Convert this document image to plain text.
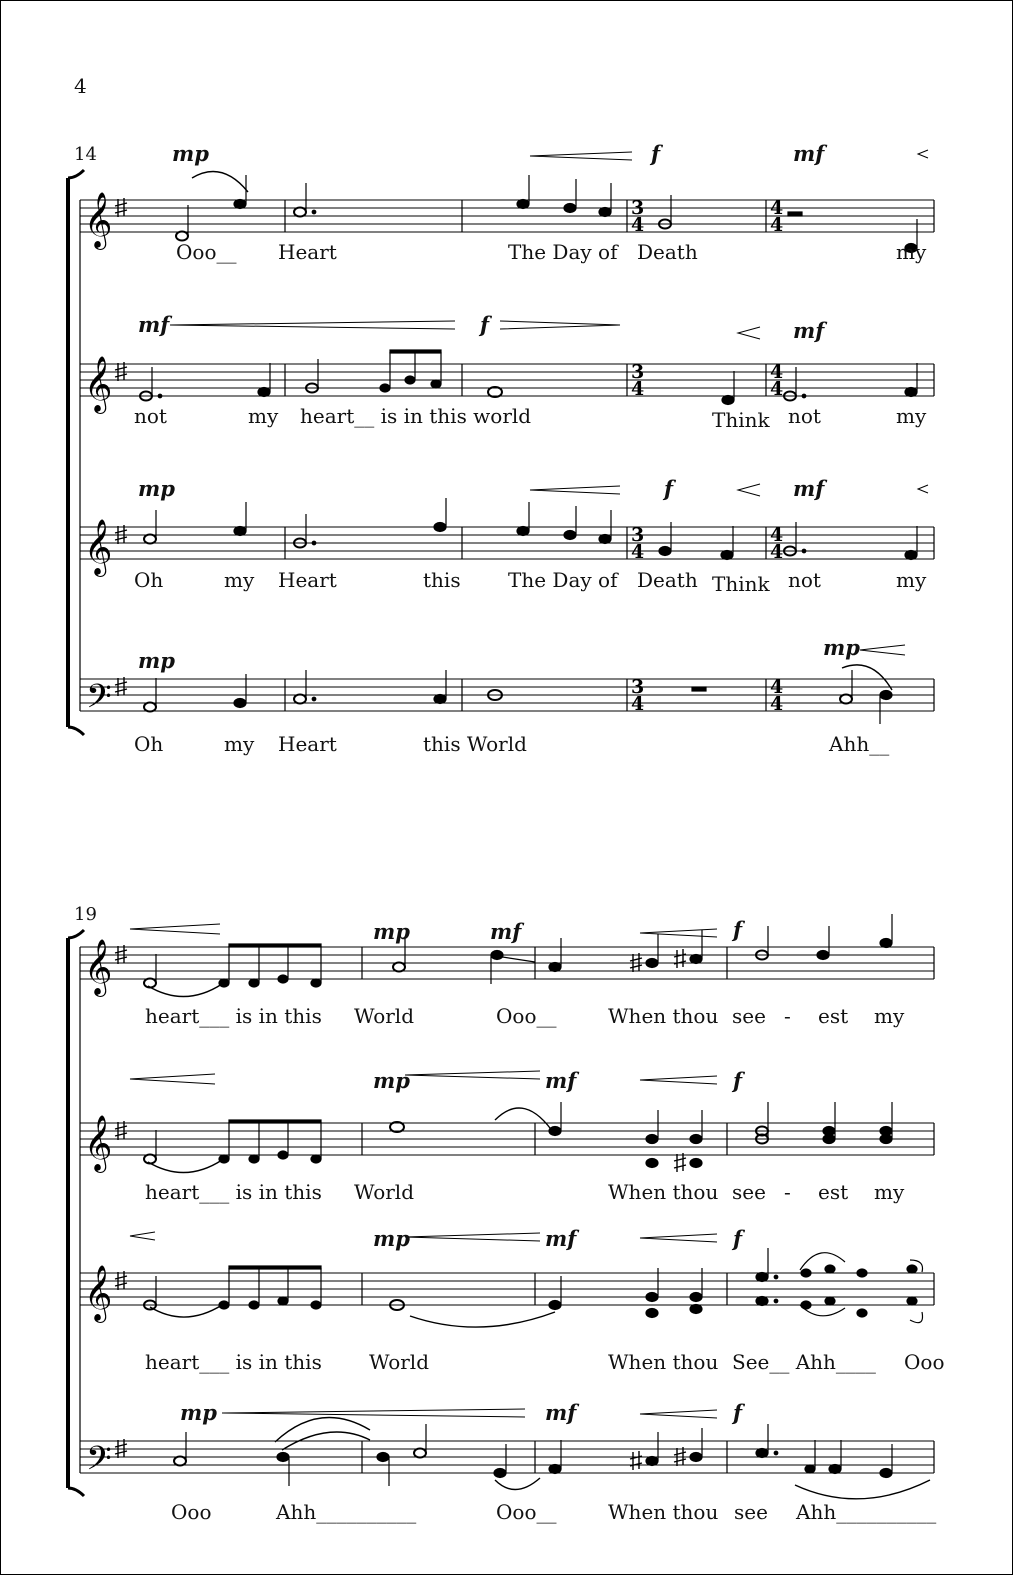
𝄞
𝄞
𝄞
𝄢
𝄞
𝄞
𝄞
𝄢
3
4
3
4
3
4
3
4
4
4
4
4
4
4
4
4
4
14
19
mp	f	mf
mf	f	mf
mp	f	mf
mp
mp
Ooo__ Heart	The Day of Death	my
not	my heart__ is in this world	Think not	my
Oh	my Heart	this The Day of Death Think not	my
Oh	my Heart	this World	Ahh__
mp	mf	f
mp	mf	f
mp	mf	f
mp	mf	f
heart___ is in this World	Ooo__	When thou see - est my
heart___ is in this World	When thou see - est my
heart___ is in this World	When thou See__ Ahh____ Ooo
Ooo	Ahh__________	Ooo__	When thou see Ahh__________
